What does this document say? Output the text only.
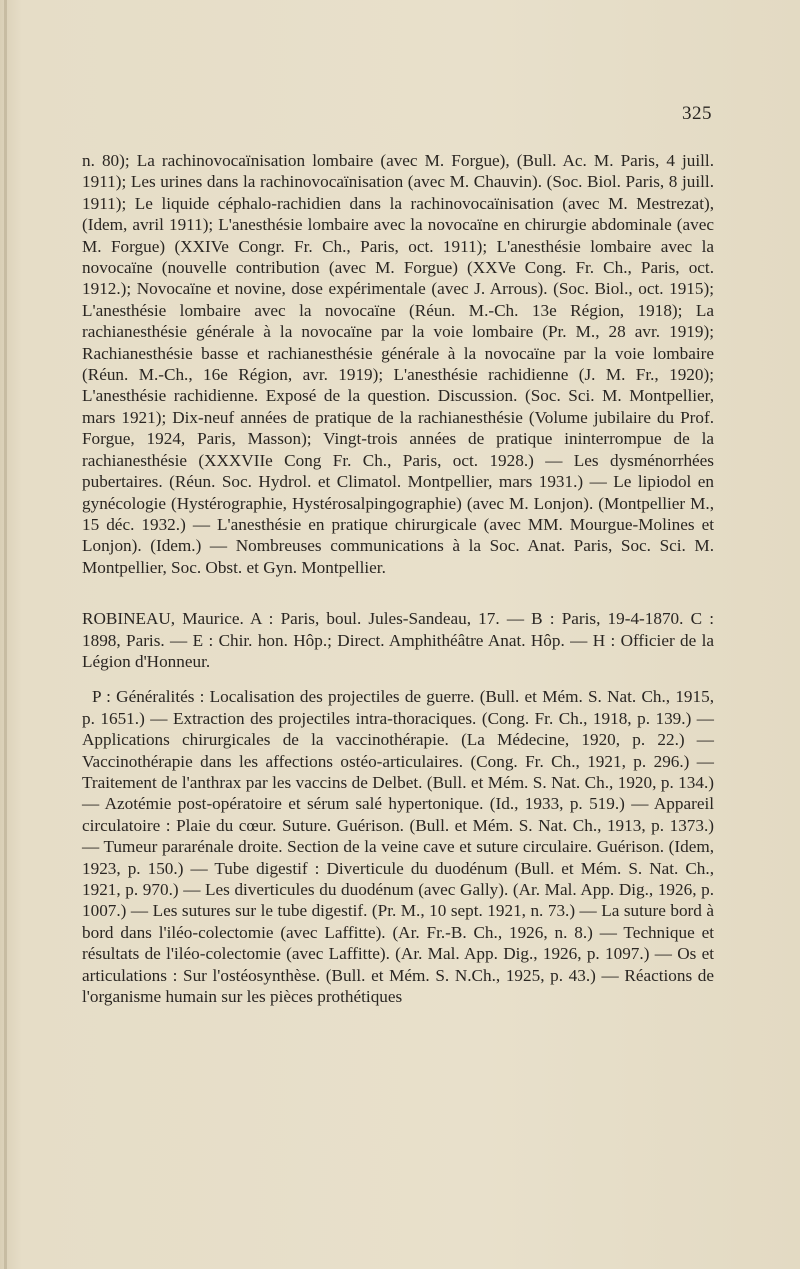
325

n. 80); La rachinovocaïnisation lombaire (avec M. Forgue), (Bull. Ac. M. Paris, 4 juill. 1911); Les urines dans la rachinovocaïnisation (avec M. Chauvin). (Soc. Biol. Paris, 8 juill. 1911); Le liquide céphalo-rachidien dans la rachinovocaïnisation (avec M. Mestrezat), (Idem, avril 1911); L'anesthésie lombaire avec la novocaïne en chirurgie abdominale (avec M. Forgue) (XXIVe Congr. Fr. Ch., Paris, oct. 1911); L'anesthésie lombaire avec la novocaïne (nouvelle contribution (avec M. Forgue) (XXVe Cong. Fr. Ch., Paris, oct. 1912.); Novocaïne et novine, dose expérimentale (avec J. Arrous). (Soc. Biol., oct. 1915); L'anesthésie lombaire avec la novocaïne (Réun. M.-Ch. 13e Région, 1918); La rachianesthésie générale à la novocaïne par la voie lombaire (Pr. M., 28 avr. 1919); Rachianesthésie basse et rachianesthésie générale à la novocaïne par la voie lombaire (Réun. M.-Ch., 16e Région, avr. 1919); L'anesthésie rachidienne (J. M. Fr., 1920); L'anesthésie rachidienne. Exposé de la question. Discussion. (Soc. Sci. M. Montpellier, mars 1921); Dix-neuf années de pratique de la rachianesthésie (Volume jubilaire du Prof. Forgue, 1924, Paris, Masson); Vingt-trois années de pratique ininterrompue de la rachianesthésie (XXXVIIe Cong Fr. Ch., Paris, oct. 1928.) — Les dysménorrhées pubertaires. (Réun. Soc. Hydrol. et Climatol. Montpellier, mars 1931.) — Le lipiodol en gynécologie (Hystérographie, Hystérosalpingographie) (avec M. Lonjon). (Montpellier M., 15 déc. 1932.) — L'anesthésie en pratique chirurgicale (avec MM. Mourgue-Molines et Lonjon). (Idem.) — Nombreuses communications à la Soc. Anat. Paris, Soc. Sci. M. Montpellier, Soc. Obst. et Gyn. Montpellier.

ROBINEAU, Maurice. A : Paris, boul. Jules-Sandeau, 17. — B : Paris, 19-4-1870. C : 1898, Paris. — E : Chir. hon. Hôp.; Direct. Amphithéâtre Anat. Hôp. — H : Officier de la Légion d'Honneur.

P : Généralités : Localisation des projectiles de guerre. (Bull. et Mém. S. Nat. Ch., 1915, p. 1651.) — Extraction des projectiles intra-thoraciques. (Cong. Fr. Ch., 1918, p. 139.) — Applications chirurgicales de la vaccinothérapie. (La Médecine, 1920, p. 22.) — Vaccinothérapie dans les affections ostéo-articulaires. (Cong. Fr. Ch., 1921, p. 296.) — Traitement de l'anthrax par les vaccins de Delbet. (Bull. et Mém. S. Nat. Ch., 1920, p. 134.) — Azotémie post-opératoire et sérum salé hypertonique. (Id., 1933, p. 519.) — Appareil circulatoire : Plaie du cœur. Suture. Guérison. (Bull. et Mém. S. Nat. Ch., 1913, p. 1373.) — Tumeur pararénale droite. Section de la veine cave et suture circulaire. Guérison. (Idem, 1923, p. 150.) — Tube digestif : Diverticule du duodénum (Bull. et Mém. S. Nat. Ch., 1921, p. 970.) — Les diverticules du duodénum (avec Gally). (Ar. Mal. App. Dig., 1926, p. 1007.) — Les sutures sur le tube digestif. (Pr. M., 10 sept. 1921, n. 73.) — La suture bord à bord dans l'iléo-colectomie (avec Laffitte). (Ar. Fr.-B. Ch., 1926, n. 8.) — Technique et résultats de l'iléo-colectomie (avec Laffitte). (Ar. Mal. App. Dig., 1926, p. 1097.) — Os et articulations : Sur l'ostéosynthèse. (Bull. et Mém. S. N.Ch., 1925, p. 43.) — Réactions de l'organisme humain sur les pièces prothétiques
